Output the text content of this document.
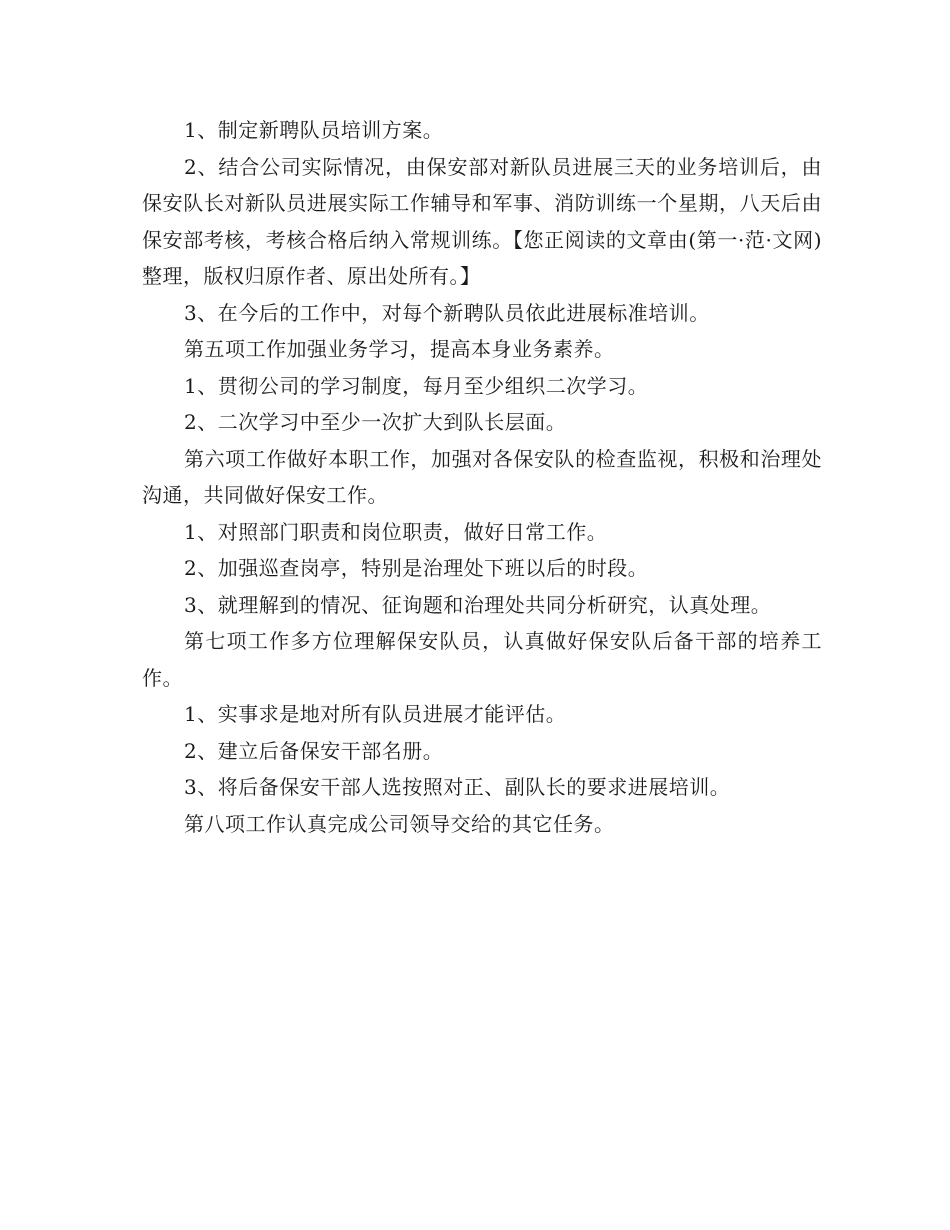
1、制定新聘队员培训方案。

2、结合公司实际情况，由保安部对新队员进展三天的业务培训后，由保安队长对新队员进展实际工作辅导和军事、消防训练一个星期，八天后由保安部考核，考核合格后纳入常规训练。【您正阅读的文章由(第一·范·文网)整理，版权归原作者、原出处所有。】

3、在今后的工作中，对每个新聘队员依此进展标准培训。

第五项工作加强业务学习，提高本身业务素养。

1、贯彻公司的学习制度，每月至少组织二次学习。

2、二次学习中至少一次扩大到队长层面。

第六项工作做好本职工作，加强对各保安队的检查监视，积极和治理处沟通，共同做好保安工作。

1、对照部门职责和岗位职责，做好日常工作。

2、加强巡查岗亭，特别是治理处下班以后的时段。

3、就理解到的情况、征询题和治理处共同分析研究，认真处理。

第七项工作多方位理解保安队员，认真做好保安队后备干部的培养工作。

1、实事求是地对所有队员进展才能评估。

2、建立后备保安干部名册。

3、将后备保安干部人选按照对正、副队长的要求进展培训。

第八项工作认真完成公司领导交给的其它任务。
